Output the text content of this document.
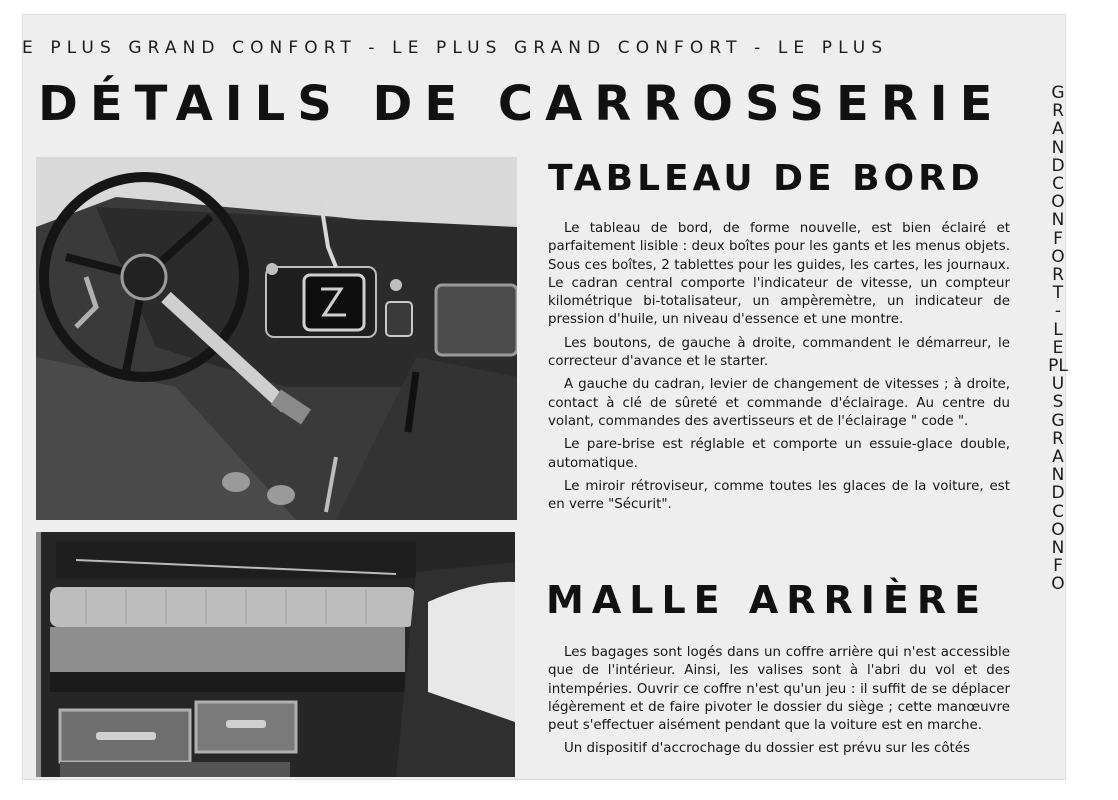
E PLUS GRAND CONFORT - LE PLUS GRAND CONFORT - LE PLUS
DÉTAILS DE CARROSSERIE	GRAND CONFORT - LE PLUS GRAND CONFO
TABLEAU DE BORD

Le tableau de bord, de forme nouvelle, est bien éclairé et parfaitement lisible : deux boîtes pour les gants et les menus objets. Sous ces boîtes, 2 tablettes pour les guides, les cartes, les journaux. Le cadran central comporte l'indicateur de vitesse, un compteur kilométrique bi-totalisateur, un ampèremètre, un indicateur de pression d'huile, un niveau d'essence et une montre.

Les boutons, de gauche à droite, commandent le démarreur, le correcteur d'avance et le starter.

A gauche du cadran, levier de changement de vitesses ; à droite, contact à clé de sûreté et commande d'éclairage. Au centre du volant, commandes des avertisseurs et de l'éclairage " code ".

Le pare-brise est réglable et comporte un essuie-glace double, automatique.

Le miroir rétroviseur, comme toutes les glaces de la voiture, est en verre "Sécurit".

MALLE ARRIÈRE

Les bagages sont logés dans un coffre arrière qui n'est accessible que de l'intérieur. Ainsi, les valises sont à l'abri du vol et des intempéries. Ouvrir ce coffre n'est qu'un jeu : il suffit de se déplacer légèrement et de faire pivoter le dossier du siège ; cette manœuvre peut s'effectuer aisément pendant que la voiture est en marche.

Un dispositif d'accrochage du dossier est prévu sur les côtés
